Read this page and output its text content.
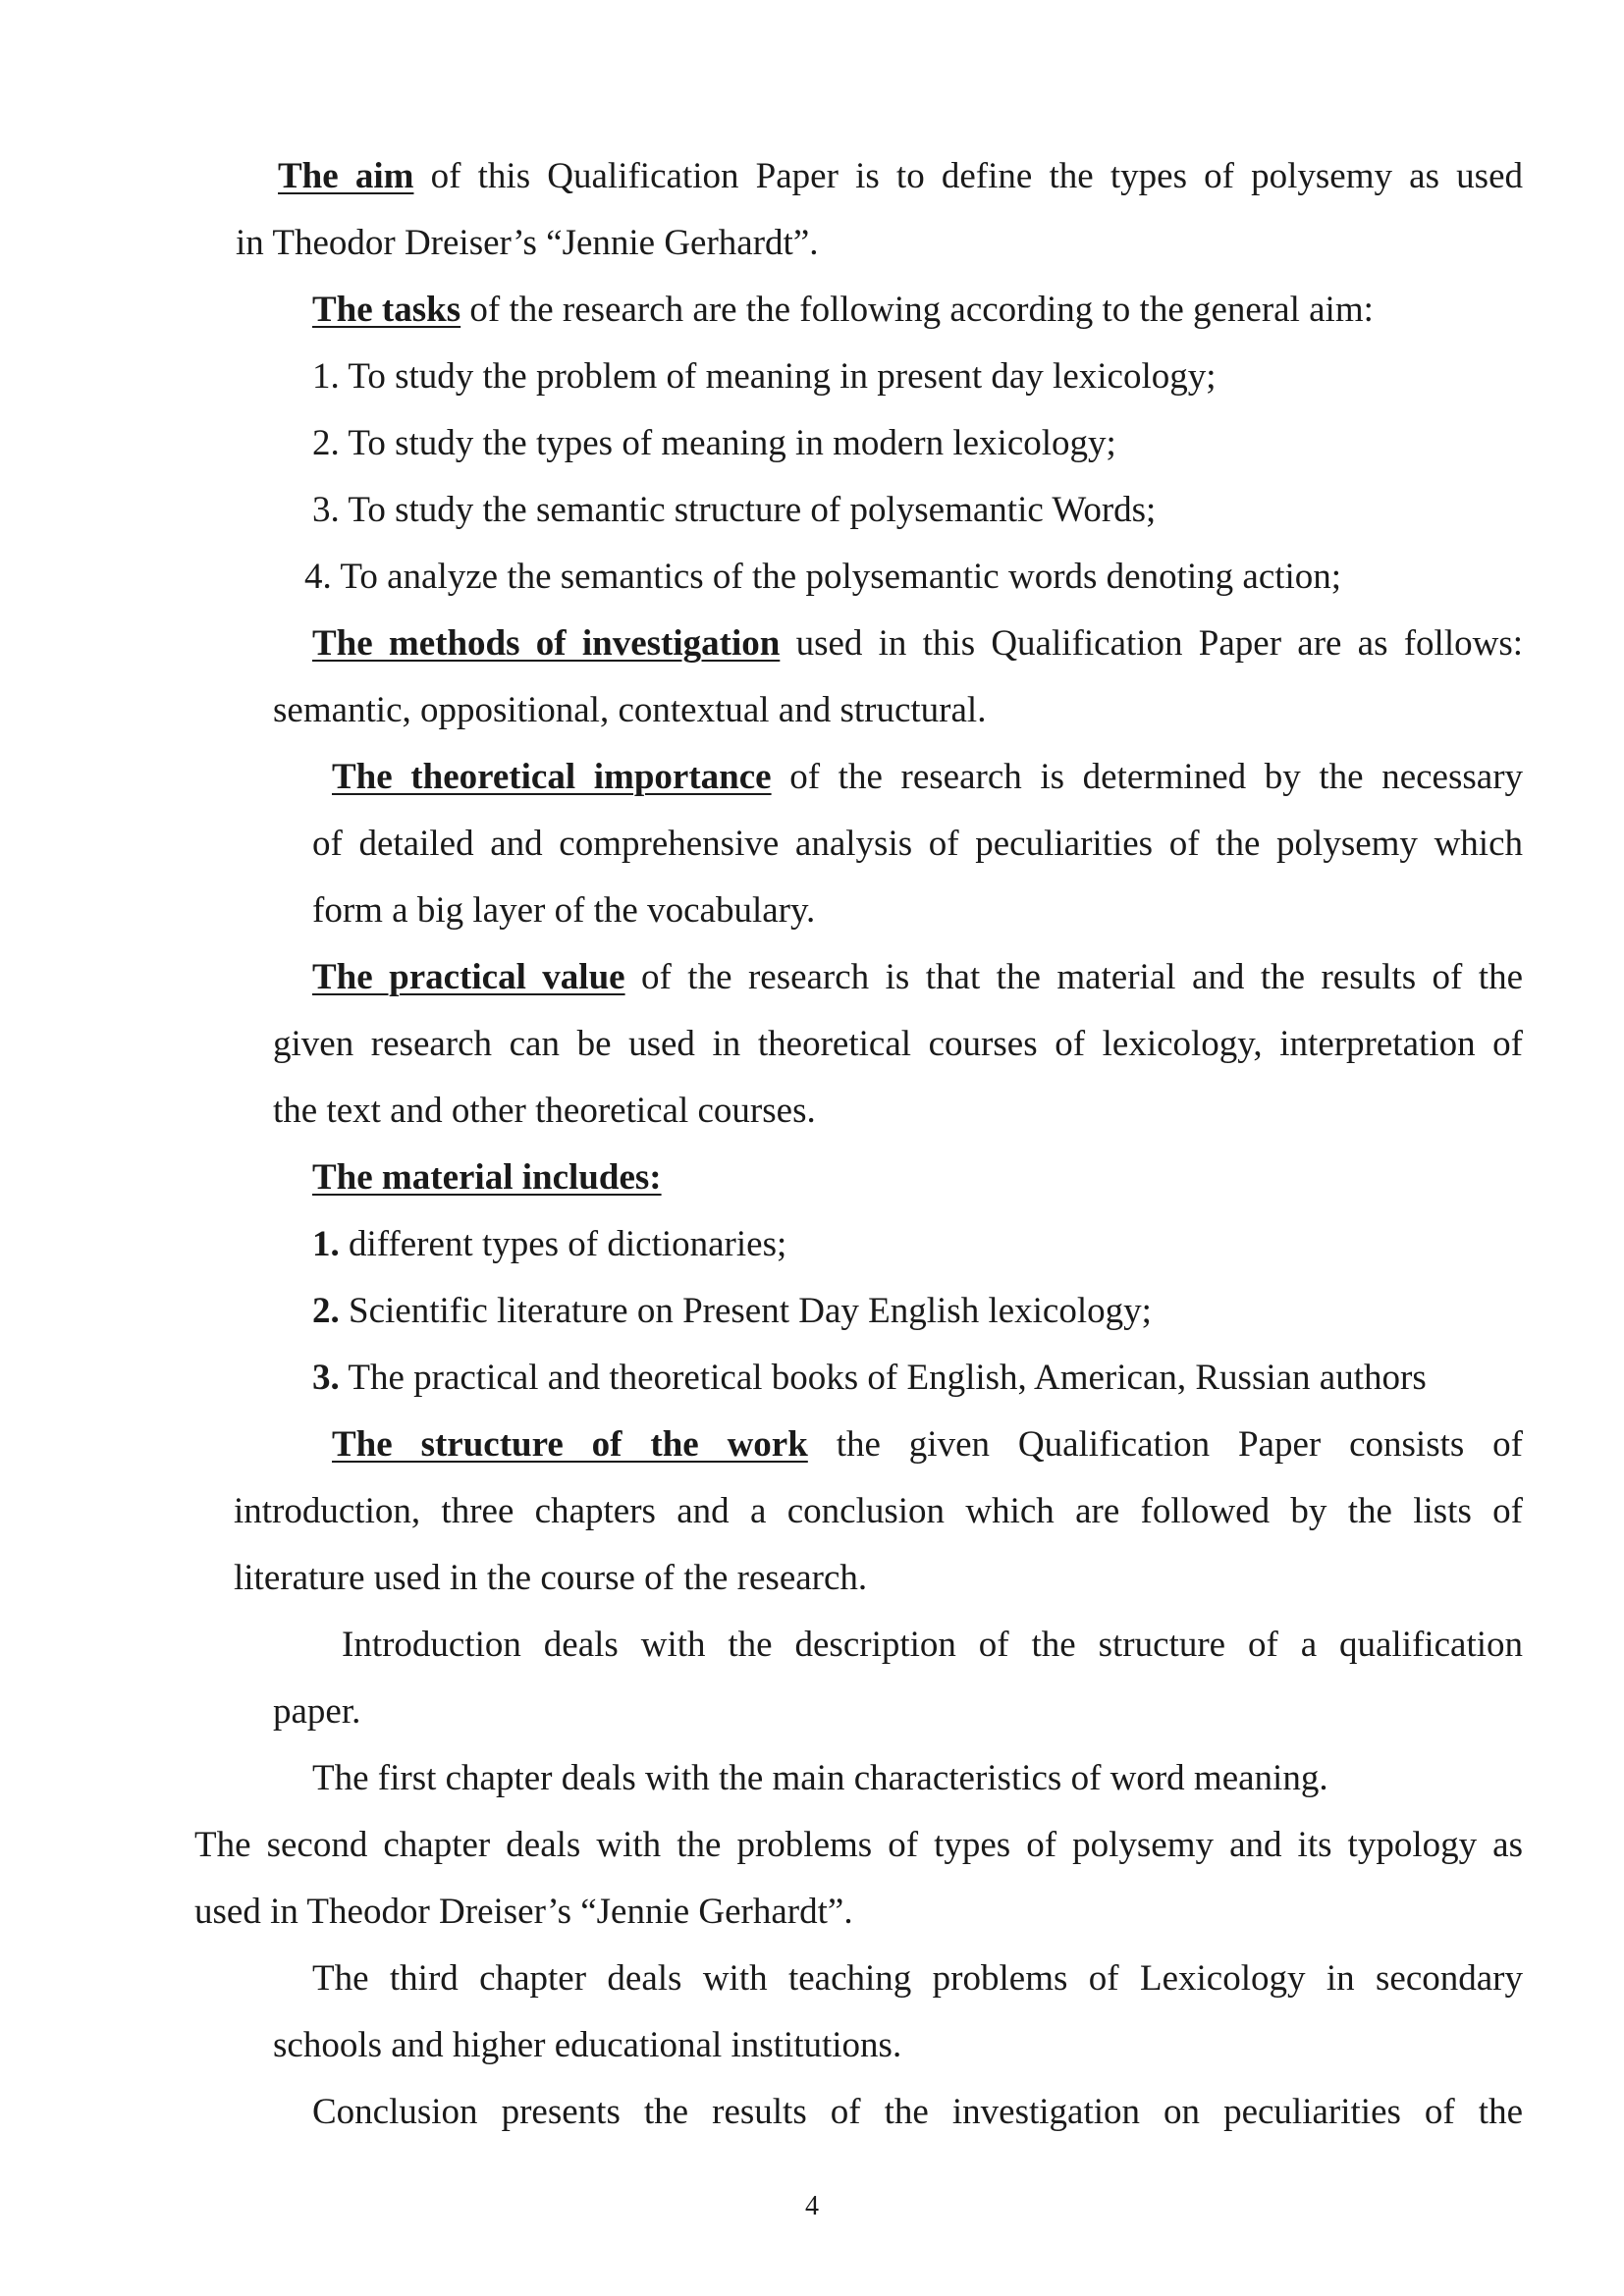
The aim of this Qualification Paper is to define the types of polysemy as used
in Theodor Dreiser’s “Jennie Gerhardt”.
The tasks of the research are the following according to the general aim:
1. To study the problem of meaning in present day lexicology;
2. To study the types of meaning in modern lexicology;
3. To study the semantic structure of polysemantic Words;
4. To analyze the semantics of the polysemantic words denoting action;
The methods of investigation used in this Qualification Paper are as follows:
semantic, oppositional, contextual and structural.
The theoretical importance of the research is determined by the necessary
of detailed and comprehensive analysis of peculiarities of the polysemy which
form a big layer of the vocabulary.
The practical value of the research is that the material and the results of the
given research can be used in theoretical courses of lexicology, interpretation of
the text and other theoretical courses.
The material includes:
1. different types of dictionaries;
2. Scientific literature on Present Day English lexicology;
3. The practical and theoretical books of English, American, Russian authors
The structure of the work the given Qualification Paper consists of
introduction, three chapters and a conclusion which are followed by the lists of
literature used in the course of the research.
Introduction deals with the description of the structure of a qualification
paper.
The first chapter deals with the main characteristics of word meaning.
The second chapter deals with the problems of types of polysemy and its typology as
used in Theodor Dreiser’s “Jennie Gerhardt”.
The third chapter deals with teaching problems of Lexicology in secondary
schools and higher educational institutions.
Conclusion presents the results of the investigation on peculiarities of the
4
